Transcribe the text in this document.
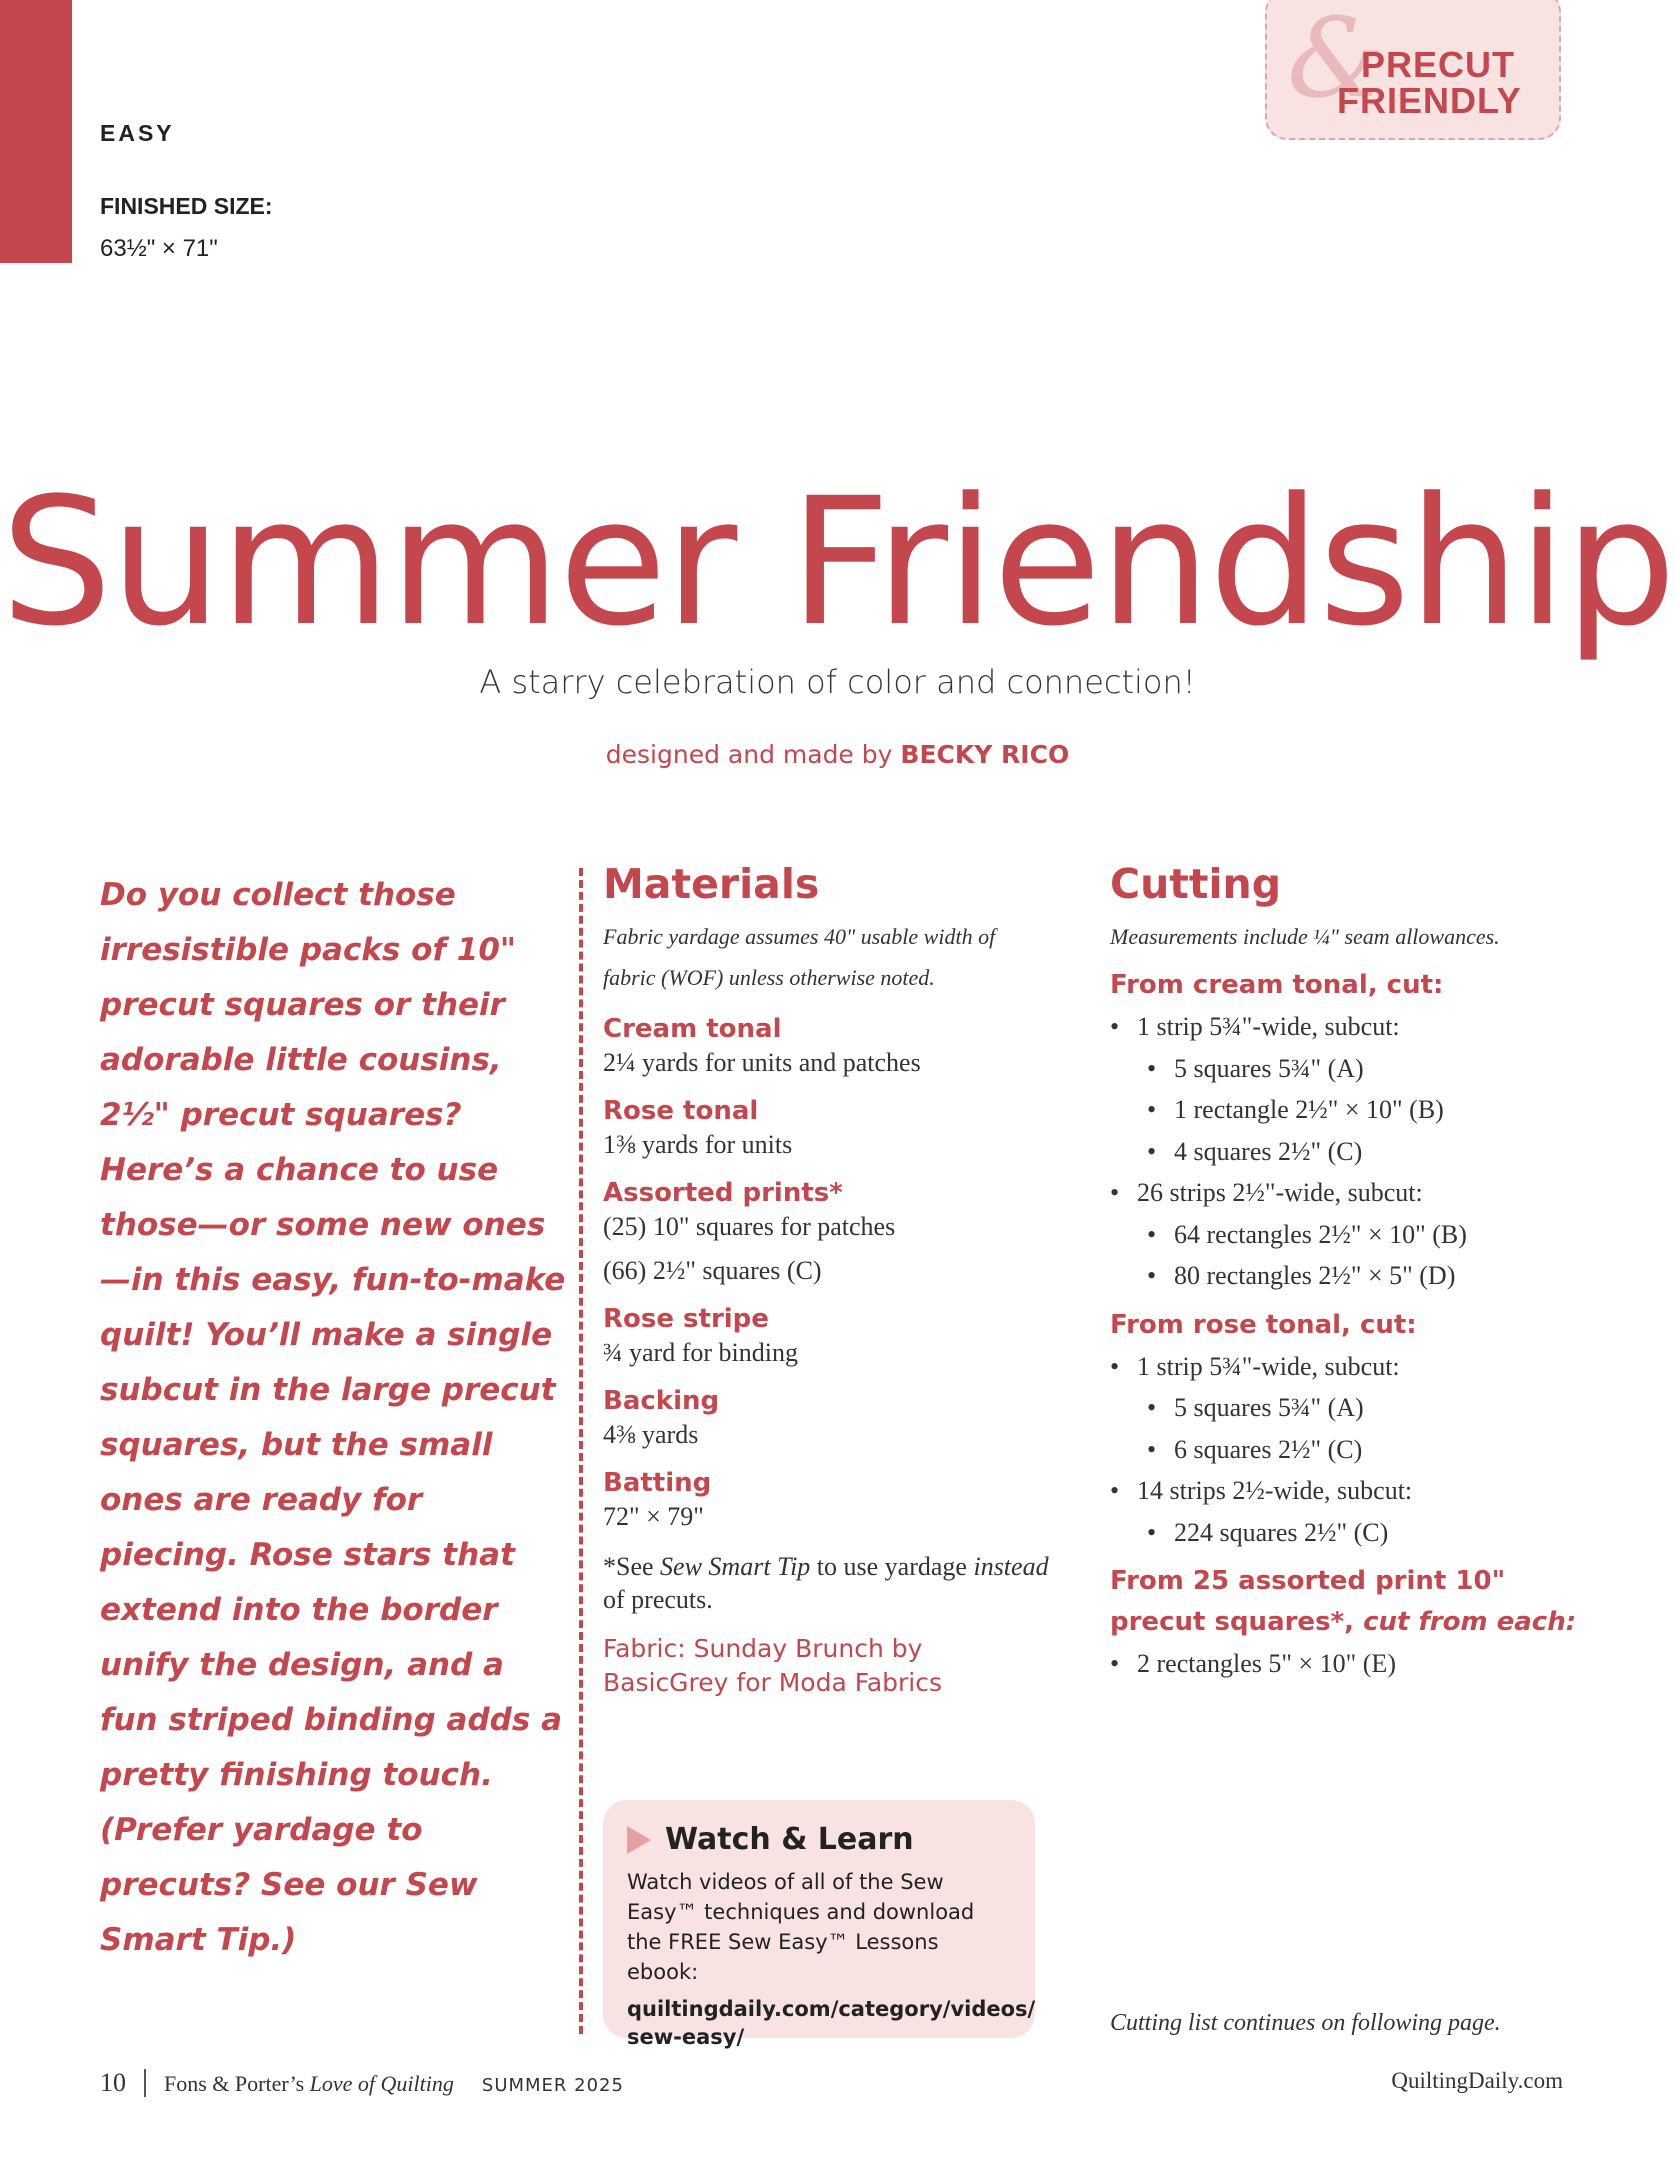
EASY
FINISHED SIZE:
63½" × 71"
&
PRECUT
FRIENDLY
Summer Friendship
A starry celebration of color and connection!
designed and made by BECKY RICO
Do you collect those irresistible packs of 10" precut squares or their adorable little cousins, 2½" precut squares? Here’s a chance to use those—or some new ones—in this easy, fun-to-make quilt! You’ll make a single subcut in the large precut squares, but the small ones are ready for piecing. Rose stars that extend into the border unify the design, and a fun striped binding adds a pretty finishing touch. (Prefer yardage to precuts? See our Sew Smart Tip.)
Materials
Fabric yardage assumes 40" usable width of fabric (WOF) unless otherwise noted.
Cream tonal
2¼ yards for units and patches
Rose tonal
1⅜ yards for units
Assorted prints*
(25) 10" squares for patches
(66) 2½" squares (C)
Rose stripe
¾ yard for binding
Backing
4⅜ yards
Batting
72" × 79"
*See Sew Smart Tip to use yardage instead of precuts.
Fabric: Sunday Brunch by BasicGrey for Moda Fabrics
Watch & Learn
Watch videos of all of the Sew Easy™ techniques and download the FREE Sew Easy™ Lessons ebook:
quiltingdaily.com/category/videos/
sew-easy/
Cutting
Measurements include ¼" seam allowances.
From cream tonal, cut:
• 1 strip 5¾"-wide, subcut:
• 5 squares 5¾" (A)
• 1 rectangle 2½" × 10" (B)
• 4 squares 2½" (C)
• 26 strips 2½"-wide, subcut:
• 64 rectangles 2½" × 10" (B)
• 80 rectangles 2½" × 5" (D)
From rose tonal, cut:
• 1 strip 5¾"-wide, subcut:
• 5 squares 5¾" (A)
• 6 squares 2½" (C)
• 14 strips 2½-wide, subcut:
• 224 squares 2½" (C)
From 25 assorted print 10"
precut squares*, cut from each:
• 2 rectangles 5" × 10" (E)
Cutting list continues on following page.
10 Fons & Porter’s Love of Quilting SUMMER 2025	QuiltingDaily.com
